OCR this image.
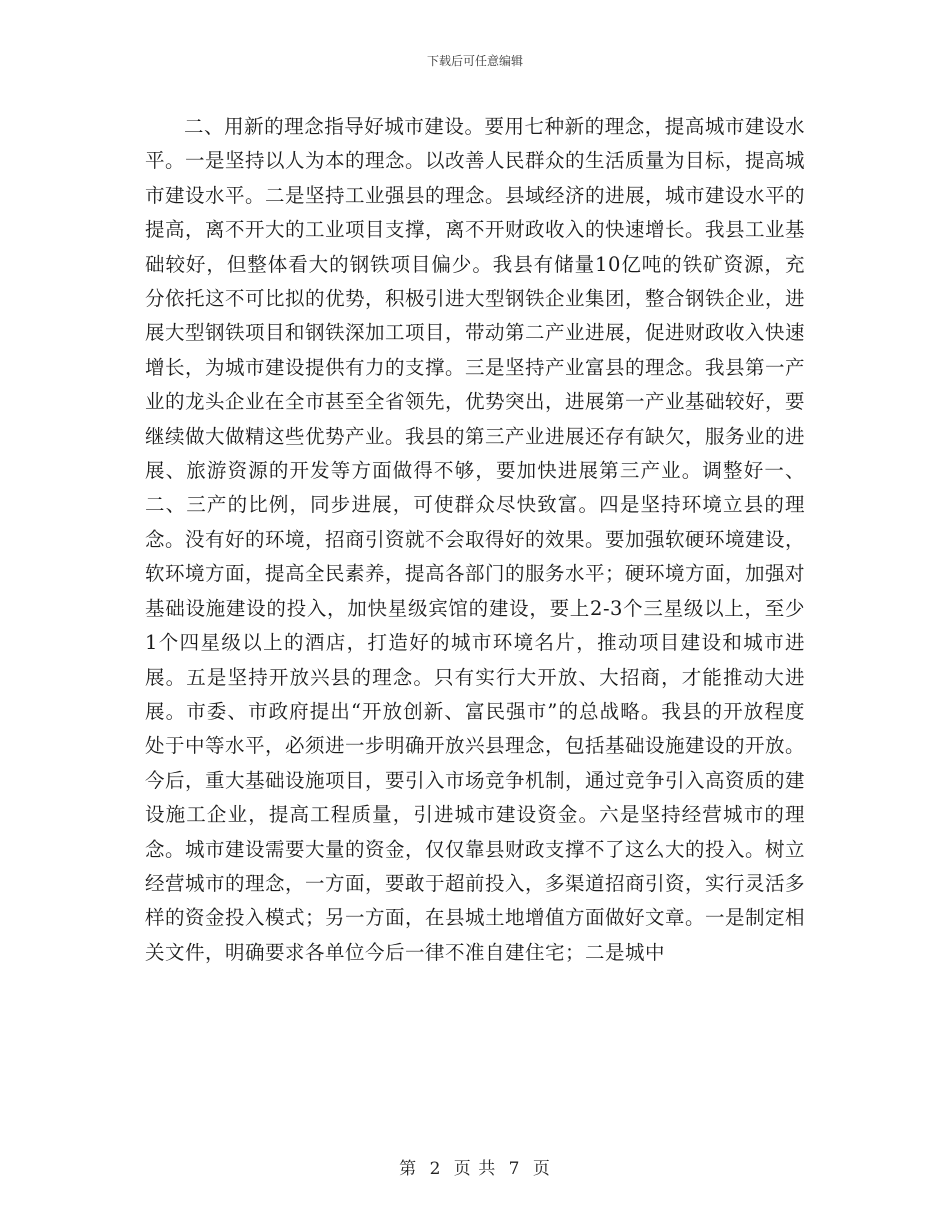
下载后可任意编辑

二、用新的理念指导好城市建设。要用七种新的理念，提高城市建设水平。一是坚持以人为本的理念。以改善人民群众的生活质量为目标，提高城市建设水平。二是坚持工业强县的理念。县域经济的进展，城市建设水平的提高，离不开大的工业项目支撑，离不开财政收入的快速增长。我县工业基础较好，但整体看大的钢铁项目偏少。我县有储量10亿吨的铁矿资源，充分依托这不可比拟的优势，积极引进大型钢铁企业集团，整合钢铁企业，进展大型钢铁项目和钢铁深加工项目，带动第二产业进展，促进财政收入快速增长，为城市建设提供有力的支撑。三是坚持产业富县的理念。我县第一产业的龙头企业在全市甚至全省领先，优势突出，进展第一产业基础较好，要继续做大做精这些优势产业。我县的第三产业进展还存有缺欠，服务业的进展、旅游资源的开发等方面做得不够，要加快进展第三产业。调整好一、二、三产的比例，同步进展，可使群众尽快致富。四是坚持环境立县的理念。没有好的环境，招商引资就不会取得好的效果。要加强软硬环境建设，软环境方面，提高全民素养，提高各部门的服务水平；硬环境方面，加强对基础设施建设的投入，加快星级宾馆的建设，要上2-3个三星级以上，至少1个四星级以上的酒店，打造好的城市环境名片，推动项目建设和城市进展。五是坚持开放兴县的理念。只有实行大开放、大招商，才能推动大进展。市委、市政府提出“开放创新、富民强市”的总战略。我县的开放程度处于中等水平，必须进一步明确开放兴县理念，包括基础设施建设的开放。今后，重大基础设施项目，要引入市场竞争机制，通过竞争引入高资质的建设施工企业，提高工程质量，引进城市建设资金。六是坚持经营城市的理念。城市建设需要大量的资金，仅仅靠县财政支撑不了这么大的投入。树立经营城市的理念，一方面，要敢于超前投入，多渠道招商引资，实行灵活多样的资金投入模式；另一方面，在县城土地增值方面做好文章。一是制定相关文件，明确要求各单位今后一律不准自建住宅；二是城中

第 2 页 共 7 页
